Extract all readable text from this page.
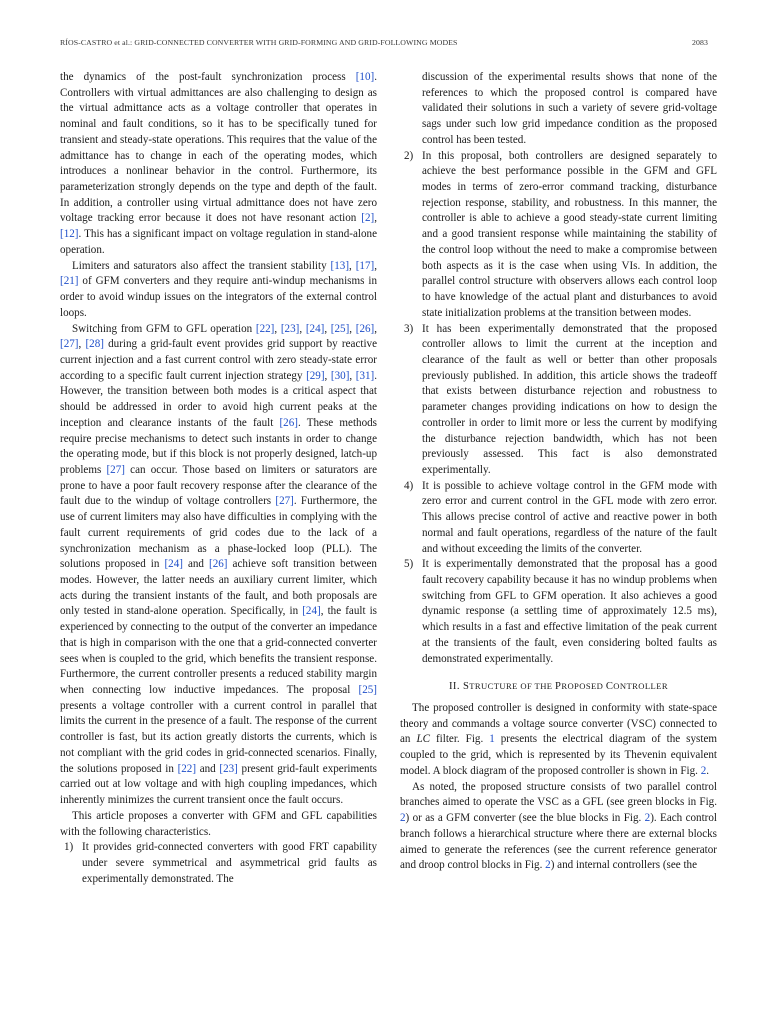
RÍOS-CASTRO et al.: GRID-CONNECTED CONVERTER WITH GRID-FORMING AND GRID-FOLLOWING MODES	2083

the dynamics of the post-fault synchronization process [10]. Controllers with virtual admittances are also challenging to design as the virtual admittance acts as a voltage controller that operates in nominal and fault conditions, so it has to be specifically tuned for transient and steady-state operations. This requires that the value of the admittance has to change in each of the operating modes, which introduces a nonlinear behavior in the control. Furthermore, its parameterization strongly depends on the type and depth of the fault. In addition, a controller using virtual admittance does not have zero voltage tracking error because it does not have resonant action [2], [12]. This has a significant impact on voltage regulation in stand-alone operation.

Limiters and saturators also affect the transient stability [13], [17], [21] of GFM converters and they require anti-windup mechanisms in order to avoid windup issues on the integrators of the external control loops.

Switching from GFM to GFL operation [22], [23], [24], [25], [26], [27], [28] during a grid-fault event provides grid support by reactive current injection and a fast current control with zero steady-state error according to a specific fault current injection strategy [29], [30], [31]. However, the transition between both modes is a critical aspect that should be addressed in order to avoid high current peaks at the inception and clearance instants of the fault [26]. These methods require precise mechanisms to detect such instants in order to change the operating mode, but if this block is not properly designed, latch-up problems [27] can occur. Those based on limiters or saturators are prone to have a poor fault recovery response after the clearance of the fault due to the windup of voltage controllers [27]. Furthermore, the use of current limiters may also have difficulties in complying with the fault current requirements of grid codes due to the lack of a synchronization mechanism as a phase-locked loop (PLL). The solutions proposed in [24] and [26] achieve soft transition between modes. However, the latter needs an auxiliary current limiter, which acts during the transient instants of the fault, and both proposals are only tested in stand-alone operation. Specifically, in [24], the fault is experienced by connecting to the output of the converter an impedance that is high in comparison with the one that a grid-connected converter sees when is coupled to the grid, which benefits the transient response. Furthermore, the current controller presents a reduced stability margin when connecting low inductive impedances. The proposal [25] presents a voltage controller with a current control in parallel that limits the current in the presence of a fault. The response of the current controller is fast, but its action greatly distorts the currents, which is not compliant with the grid codes in grid-connected scenarios. Finally, the solutions proposed in [22] and [23] present grid-fault experiments carried out at low voltage and with high coupling impedances, which inherently minimizes the current transient once the fault occurs.

This article proposes a converter with GFM and GFL capabilities with the following characteristics.

1) It provides grid-connected converters with good FRT capability under severe symmetrical and asymmetrical grid faults as experimentally demonstrated. The
discussion of the experimental results shows that none of the references to which the proposed control is compared have validated their solutions in such a variety of severe grid-voltage sags under such low grid impedance condition as the proposed control has been tested.
2) In this proposal, both controllers are designed separately to achieve the best performance possible in the GFM and GFL modes in terms of zero-error command tracking, disturbance rejection response, stability, and robustness. In this manner, the controller is able to achieve a good steady-state current limiting and a good transient response while maintaining the stability of the control loop without the need to make a compromise between both aspects as it is the case when using VIs. In addition, the parallel control structure with observers allows each control loop to have knowledge of the actual plant and disturbances to avoid state initialization problems at the transition between modes.
3) It has been experimentally demonstrated that the proposed controller allows to limit the current at the inception and clearance of the fault as well or better than other proposals previously published. In addition, this article shows the tradeoff that exists between disturbance rejection and robustness to parameter changes providing indications on how to design the controller in order to limit more or less the current by modifying the disturbance rejection bandwidth, which has not been previously assessed. This fact is also demonstrated experimentally.
4) It is possible to achieve voltage control in the GFM mode with zero error and current control in the GFL mode with zero error. This allows precise control of active and reactive power in both normal and fault operations, regardless of the nature of the fault and without exceeding the limits of the converter.
5) It is experimentally demonstrated that the proposal has a good fault recovery capability because it has no windup problems when switching from GFL to GFM operation. It also achieves a good dynamic response (a settling time of approximately 12.5 ms), which results in a fast and effective limitation of the peak current at the transients of the fault, even considering bolted faults as demonstrated experimentally.
II. STRUCTURE OF THE PROPOSED CONTROLLER

The proposed controller is designed in conformity with state-space theory and commands a voltage source converter (VSC) connected to an LC filter. Fig. 1 presents the electrical diagram of the system coupled to the grid, which is represented by its Thevenin equivalent model. A block diagram of the proposed controller is shown in Fig. 2.

As noted, the proposed structure consists of two parallel control branches aimed to operate the VSC as a GFL (see green blocks in Fig. 2) or as a GFM converter (see the blue blocks in Fig. 2). Each control branch follows a hierarchical structure where there are external blocks aimed to generate the references (see the current reference generator and droop control blocks in Fig. 2) and internal controllers (see the
